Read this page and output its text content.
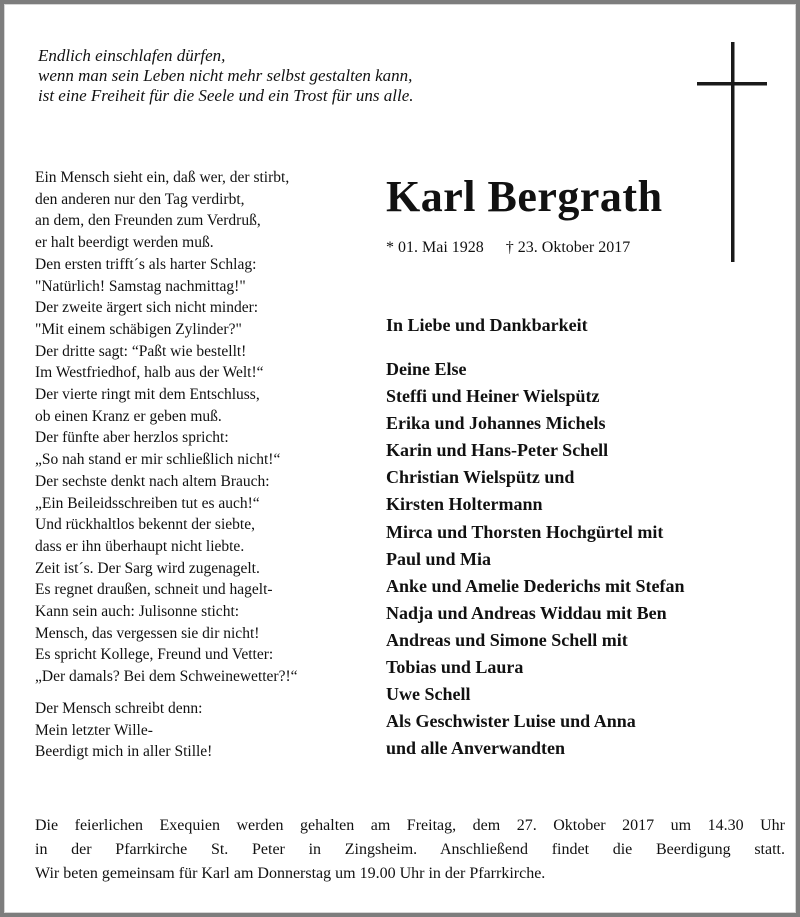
Endlich einschlafen dürfen,
wenn man sein Leben nicht mehr selbst gestalten kann,
ist eine Freiheit für die Seele und ein Trost für uns alle.
Ein Mensch sieht ein, daß wer, der stirbt,
den anderen nur den Tag verdirbt,
an dem, den Freunden zum Verdruß,
er halt beerdigt werden muß.
Den ersten trifft´s als harter Schlag:
"Natürlich! Samstag nachmittag!"
Der zweite ärgert sich nicht minder:
"Mit einem schäbigen Zylinder?"
Der dritte sagt: “Paßt wie bestellt!
Im Westfriedhof, halb aus der Welt!“
Der vierte ringt mit dem Entschluss,
ob einen Kranz er geben muß.
Der fünfte aber herzlos spricht:
„So nah stand er mir schließlich nicht!“
Der sechste denkt nach altem Brauch:
„Ein Beileidsschreiben tut es auch!“
Und rückhaltlos bekennt der siebte,
dass er ihn überhaupt nicht liebte.
Zeit ist´s. Der Sarg wird zugenagelt.
Es regnet draußen, schneit und hagelt-
Kann sein auch: Julisonne sticht:
Mensch, das vergessen sie dir nicht!
Es spricht Kollege, Freund und Vetter:
„Der damals? Bei dem Schweinewetter?!“
Der Mensch schreibt denn:
Mein letzter Wille-
Beerdigt mich in aller Stille!
Karl Bergrath
* 01. Mai 1928 † 23. Oktober 2017
In Liebe und Dankbarkeit
Deine Else
Steffi und Heiner Wielspütz
Erika und Johannes Michels
Karin und Hans-Peter Schell
Christian Wielspütz und
Kirsten Holtermann
Mirca und Thorsten Hochgürtel mit
Paul und Mia
Anke und Amelie Dederichs mit Stefan
Nadja und Andreas Widdau mit Ben
Andreas und Simone Schell mit
Tobias und Laura
Uwe Schell
Als Geschwister Luise und Anna
und alle Anverwandten
Die feierlichen Exequien werden gehalten am Freitag, dem 27. Oktober 2017 um 14.30 Uhr
in der Pfarrkirche St. Peter in Zingsheim. Anschließend findet die Beerdigung statt.
Wir beten gemeinsam für Karl am Donnerstag um 19.00 Uhr in der Pfarrkirche.
